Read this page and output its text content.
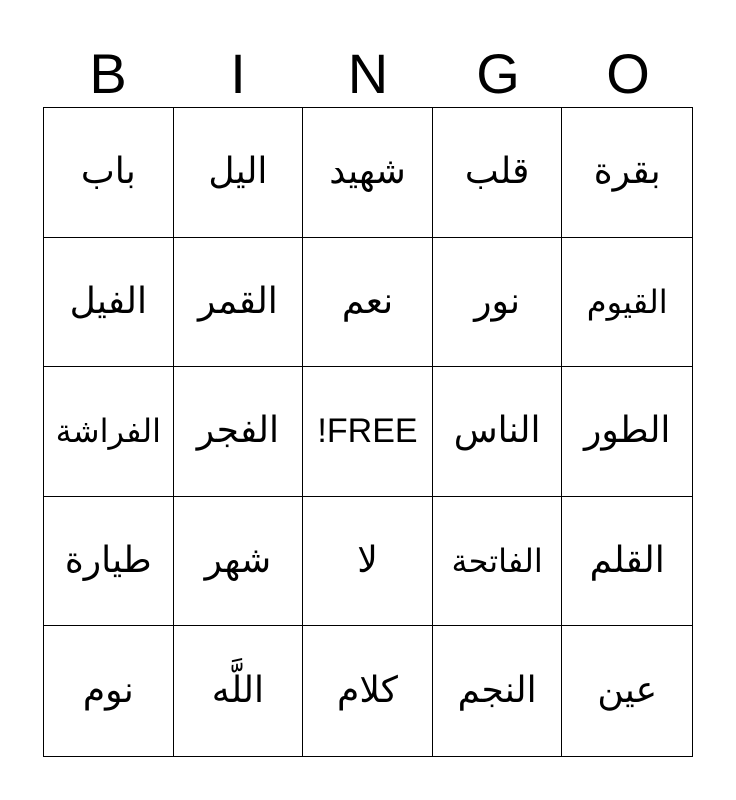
B	I	N	G	O
باب اليل شهيد قلب بقرة
الفيل القمر نعم نور القيوم
الفراشة الفجر FREE! الناس الطور
طيارة شهر لا الفاتحة القلم
نوم اللَّه كلام النجم عين
